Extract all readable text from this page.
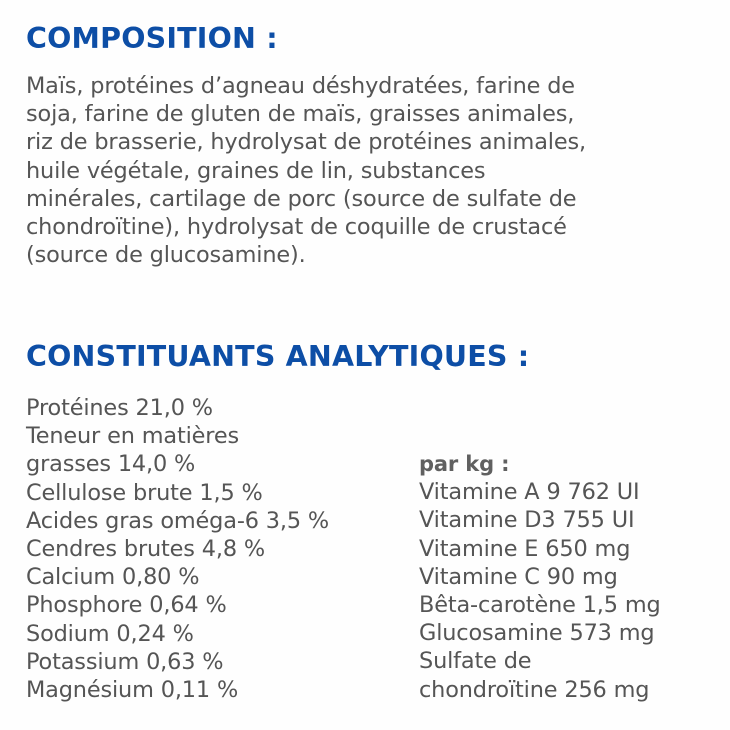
COMPOSITION :

Maïs, protéines d’agneau déshydratées, farine de
soja, farine de gluten de maïs, graisses animales,
riz de brasserie, hydrolysat de protéines animales,
huile végétale, graines de lin, substances
minérales, cartilage de porc (source de sulfate de
chondroïtine), hydrolysat de coquille de crustacé
(source de glucosamine).

CONSTITUANTS ANALYTIQUES :
Protéines 21,0 %
Teneur en matières
grasses 14,0 %
Cellulose brute 1,5 %
Acides gras oméga-6 3,5 %
Cendres brutes 4,8 %
Calcium 0,80 %
Phosphore 0,64 %
Sodium 0,24 %
Potassium 0,63 %
Magnésium 0,11 %
par kg :
Vitamine A 9 762 UI
Vitamine D3 755 UI
Vitamine E 650 mg
Vitamine C 90 mg
Bêta-carotène 1,5 mg
Glucosamine 573 mg
Sulfate de
chondroïtine 256 mg
